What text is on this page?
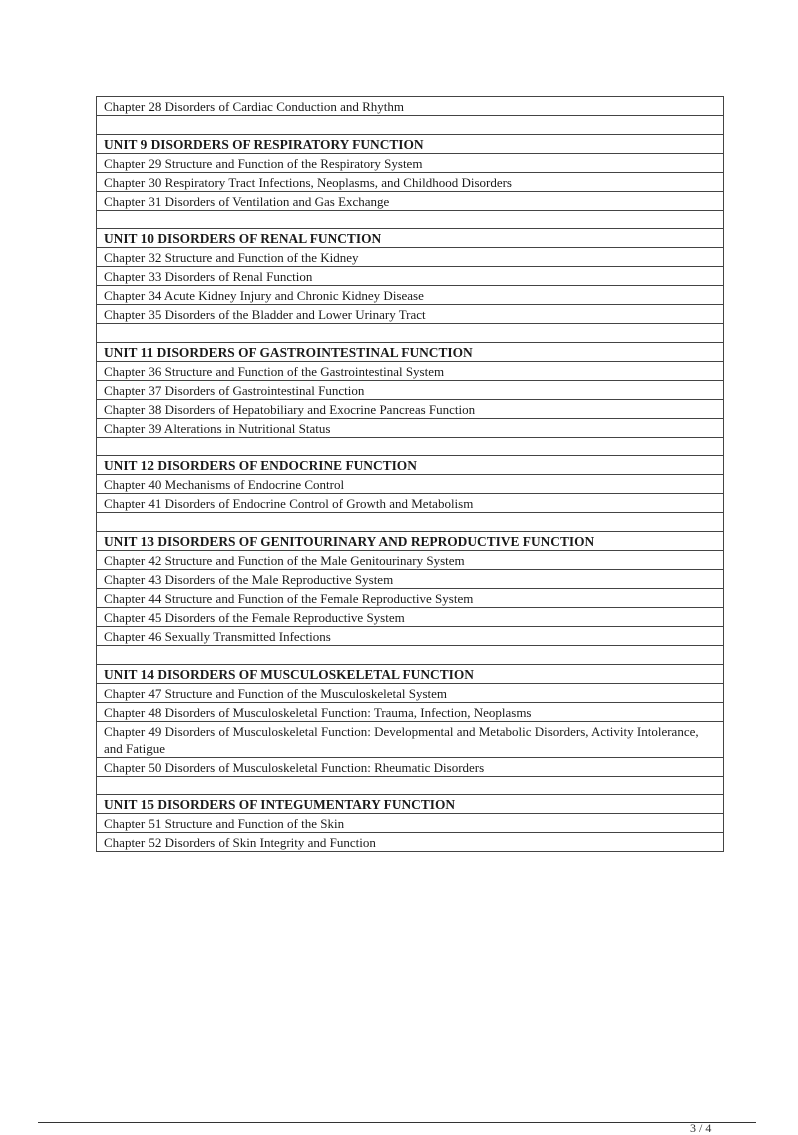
Chapter 28 Disorders of Cardiac Conduction and Rhythm
UNIT 9 DISORDERS OF RESPIRATORY FUNCTION
Chapter 29 Structure and Function of the Respiratory System
Chapter 30 Respiratory Tract Infections, Neoplasms, and Childhood Disorders
Chapter 31 Disorders of Ventilation and Gas Exchange
UNIT 10 DISORDERS OF RENAL FUNCTION
Chapter 32 Structure and Function of the Kidney
Chapter 33 Disorders of Renal Function
Chapter 34 Acute Kidney Injury and Chronic Kidney Disease
Chapter 35 Disorders of the Bladder and Lower Urinary Tract
UNIT 11 DISORDERS OF GASTROINTESTINAL FUNCTION
Chapter 36 Structure and Function of the Gastrointestinal System
Chapter 37 Disorders of Gastrointestinal Function
Chapter 38 Disorders of Hepatobiliary and Exocrine Pancreas Function
Chapter 39 Alterations in Nutritional Status
UNIT 12 DISORDERS OF ENDOCRINE FUNCTION
Chapter 40 Mechanisms of Endocrine Control
Chapter 41 Disorders of Endocrine Control of Growth and Metabolism
UNIT 13 DISORDERS OF GENITOURINARY AND REPRODUCTIVE FUNCTION
Chapter 42 Structure and Function of the Male Genitourinary System
Chapter 43 Disorders of the Male Reproductive System
Chapter 44 Structure and Function of the Female Reproductive System
Chapter 45 Disorders of the Female Reproductive System
Chapter 46 Sexually Transmitted Infections
UNIT 14 DISORDERS OF MUSCULOSKELETAL FUNCTION
Chapter 47 Structure and Function of the Musculoskeletal System
Chapter 48 Disorders of Musculoskeletal Function: Trauma, Infection, Neoplasms
Chapter 49 Disorders of Musculoskeletal Function: Developmental and Metabolic Disorders, Activity Intolerance, and Fatigue
Chapter 50 Disorders of Musculoskeletal Function: Rheumatic Disorders
UNIT 15 DISORDERS OF INTEGUMENTARY FUNCTION
Chapter 51 Structure and Function of the Skin
Chapter 52 Disorders of Skin Integrity and Function
3 / 4
